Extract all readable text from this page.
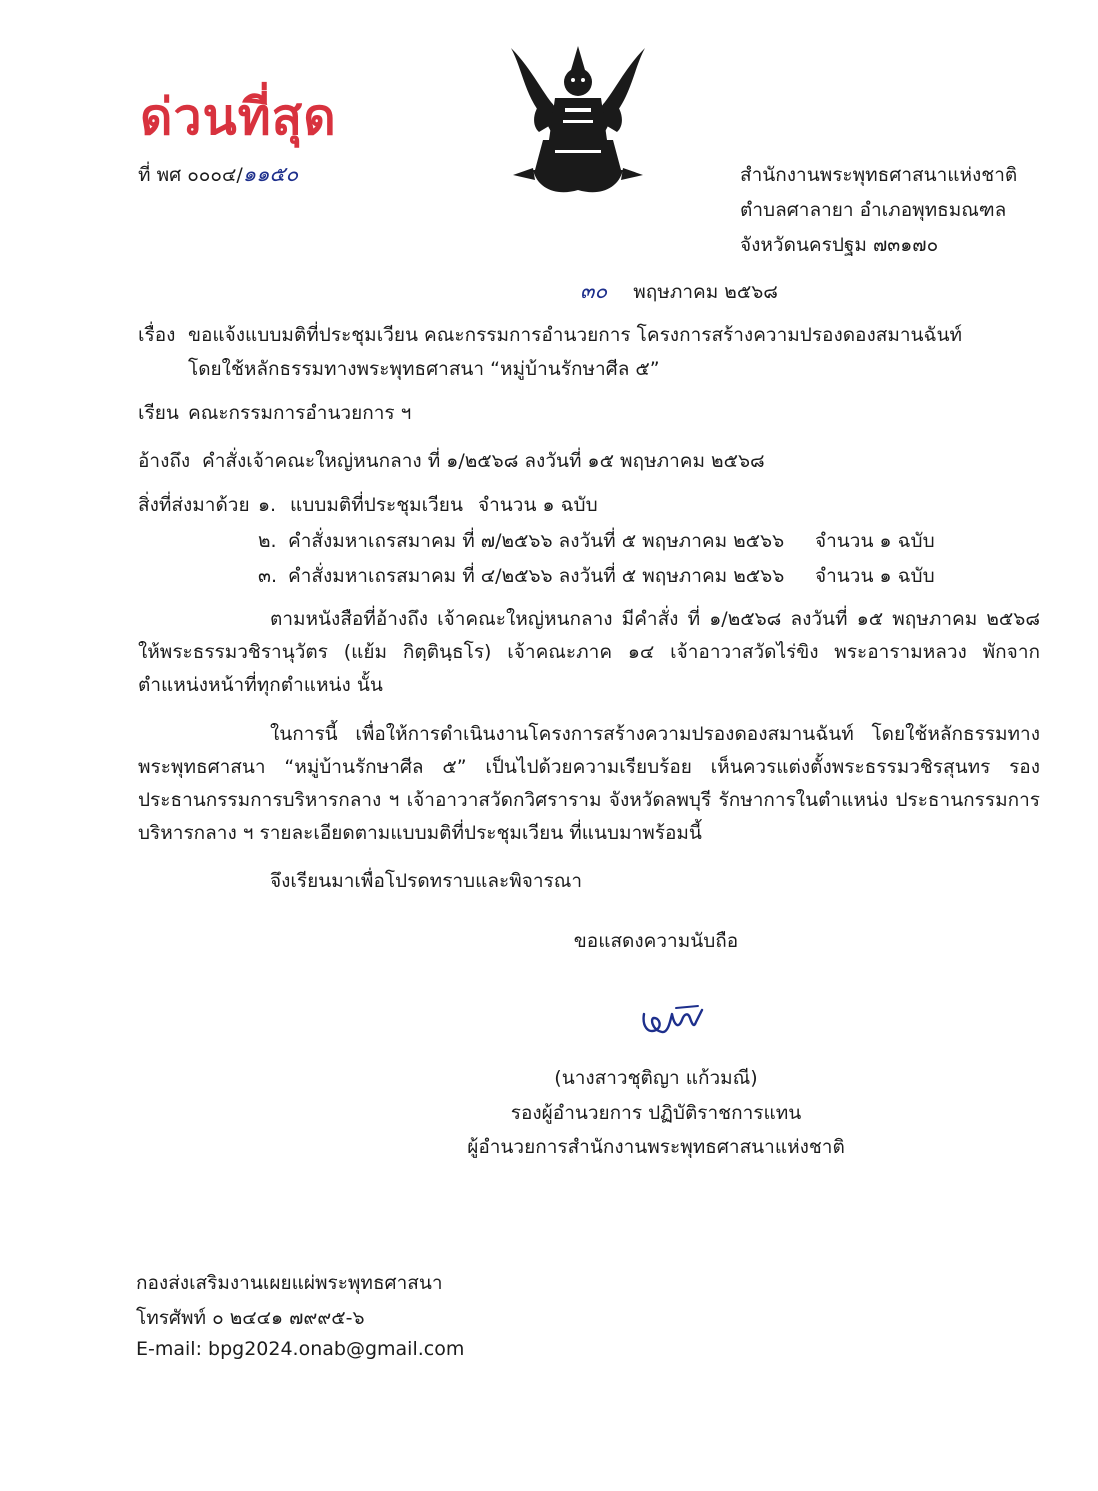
ด่วนที่สุด
ที่ พศ ๐๐๐๔/๑๑๕๐	สำนักงานพระพุทธศาสนาแห่งชาติ
ตำบลศาลายา อำเภอพุทธมณฑล
จังหวัดนครปฐม ๗๓๑๗๐
๓๐ พฤษภาคม ๒๕๖๘
เรื่อง ขอแจ้งแบบมติที่ประชุมเวียน คณะกรรมการอำนวยการ โครงการสร้างความปรองดองสมานฉันท์
โดยใช้หลักธรรมทางพระพุทธศาสนา “หมู่บ้านรักษาศีล ๕”
เรียน คณะกรรมการอำนวยการ ฯ
อ้างถึง คำสั่งเจ้าคณะใหญ่หนกลาง ที่ ๑/๒๕๖๘ ลงวันที่ ๑๕ พฤษภาคม ๒๕๖๘
สิ่งที่ส่งมาด้วย ๑. แบบมติที่ประชุมเวียน จำนวน ๑ ฉบับ
๒. คำสั่งมหาเถรสมาคม ที่ ๗/๒๕๖๖ ลงวันที่ ๕ พฤษภาคม ๒๕๖๖ จำนวน ๑ ฉบับ
๓. คำสั่งมหาเถรสมาคม ที่ ๔/๒๕๖๖ ลงวันที่ ๕ พฤษภาคม ๒๕๖๖ จำนวน ๑ ฉบับ
ตามหนังสือที่อ้างถึง เจ้าคณะใหญ่หนกลาง มีคำสั่ง ที่ ๑/๒๕๖๘ ลงวันที่ ๑๕ พฤษภาคม ๒๕๖๘ ให้พระธรรมวชิรานุวัตร (แย้ม กิตฺตินฺธโร) เจ้าคณะภาค ๑๔ เจ้าอาวาสวัดไร่ขิง พระอารามหลวง พักจากตำแหน่งหน้าที่ทุกตำแหน่ง นั้น
ในการนี้ เพื่อให้การดำเนินงานโครงการสร้างความปรองดองสมานฉันท์ โดยใช้หลักธรรมทางพระพุทธศาสนา “หมู่บ้านรักษาศีล ๕” เป็นไปด้วยความเรียบร้อย เห็นควรแต่งตั้งพระธรรมวชิรสุนทร รองประธานกรรมการบริหารกลาง ฯ เจ้าอาวาสวัดกวิศราราม จังหวัดลพบุรี รักษาการในตำแหน่ง ประธานกรรมการบริหารกลาง ฯ รายละเอียดตามแบบมติที่ประชุมเวียน ที่แนบมาพร้อมนี้
จึงเรียนมาเพื่อโปรดทราบและพิจารณา
ขอแสดงความนับถือ
(นางสาวชุติญา แก้วมณี)
รองผู้อำนวยการ ปฏิบัติราชการแทน
ผู้อำนวยการสำนักงานพระพุทธศาสนาแห่งชาติ
กองส่งเสริมงานเผยแผ่พระพุทธศาสนา
โทรศัพท์ ๐ ๒๔๔๑ ๗๙๙๕-๖
E-mail: bpg2024.onab@gmail.com
